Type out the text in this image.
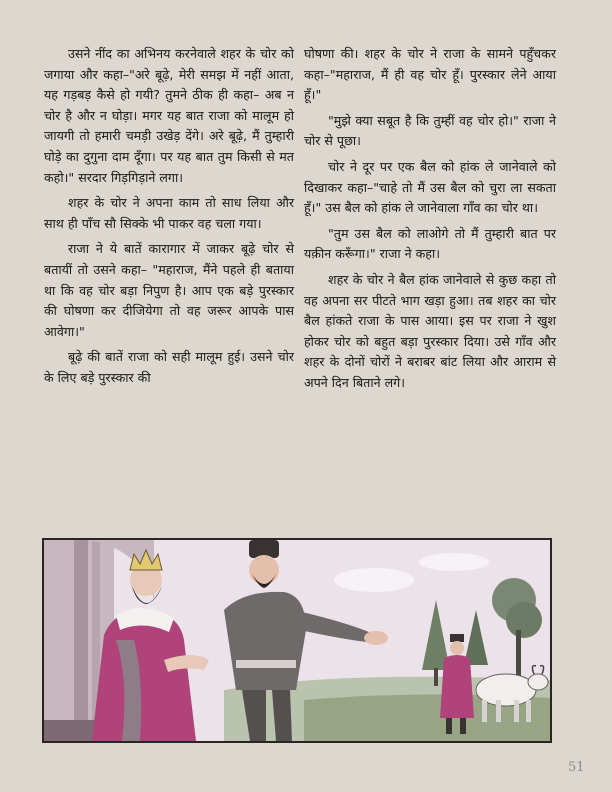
उसने नींद का अभिनय करनेवाले शहर के चोर को जगाया और कहा–"अरे बूढ़े, मेरी समझ में नहीं आता, यह गड़बड़ कैसे हो गयी? तुमने ठीक ही कहा– अब न चोर है और न घोड़ा। मगर यह बात राजा को मालूम हो जायगी तो हमारी चमड़ी उखेड़ देंगे। अरे बूढ़े, मैं तुम्हारी घोड़े का दुगुना दाम दूँगा। पर यह बात तुम किसी से मत कहो।" सरदार गिड़गिड़ाने लगा।

शहर के चोर ने अपना काम तो साध लिया और साथ ही पाँच सौ सिक्के भी पाकर वह चला गया।

राजा ने ये बातें कारागार में जाकर बूढ़े चोर से बतायीं तो उसने कहा– "महाराज, मैंने पहले ही बताया था कि वह चोर बड़ा निपुण है। आप एक बड़े पुरस्कार की घोषणा कर दीजियेगा तो वह जरूर आपके पास आवेगा।"

बूढ़े की बातें राजा को सही मालूम हुई। उसने चोर के लिए बड़े पुरस्कार की

घोषणा की। शहर के चोर ने राजा के सामने पहुँचकर कहा–"महाराज, मैं ही वह चोर हूँ। पुरस्कार लेने आया हूँ।"

"मुझे क्या सबूत है कि तुम्हीं वह चोर हो।" राजा ने चोर से पूछा।

चोर ने दूर पर एक बैल को हांक ले जानेवाले को दिखाकर कहा–"चाहे तो मैं उस बैल को चुरा ला सकता हूँ।" उस बैल को हांक ले जानेवाला गाँव का चोर था।

"तुम उस बैल को लाओगे तो मैं तुम्हारी बात पर यक़ीन करूँगा।" राजा ने कहा।

शहर के चोर ने बैल हांक जानेवाले से कुछ कहा तो वह अपना सर पीटते भाग खड़ा हुआ। तब शहर का चोर बैल हांकते राजा के पास आया। इस पर राजा ने खुश होकर चोर को बहुत बड़ा पुरस्कार दिया। उसे गाँव और शहर के दोनों चोरों ने बराबर बांट लिया और आराम से अपने दिन बिताने लगे।

51
